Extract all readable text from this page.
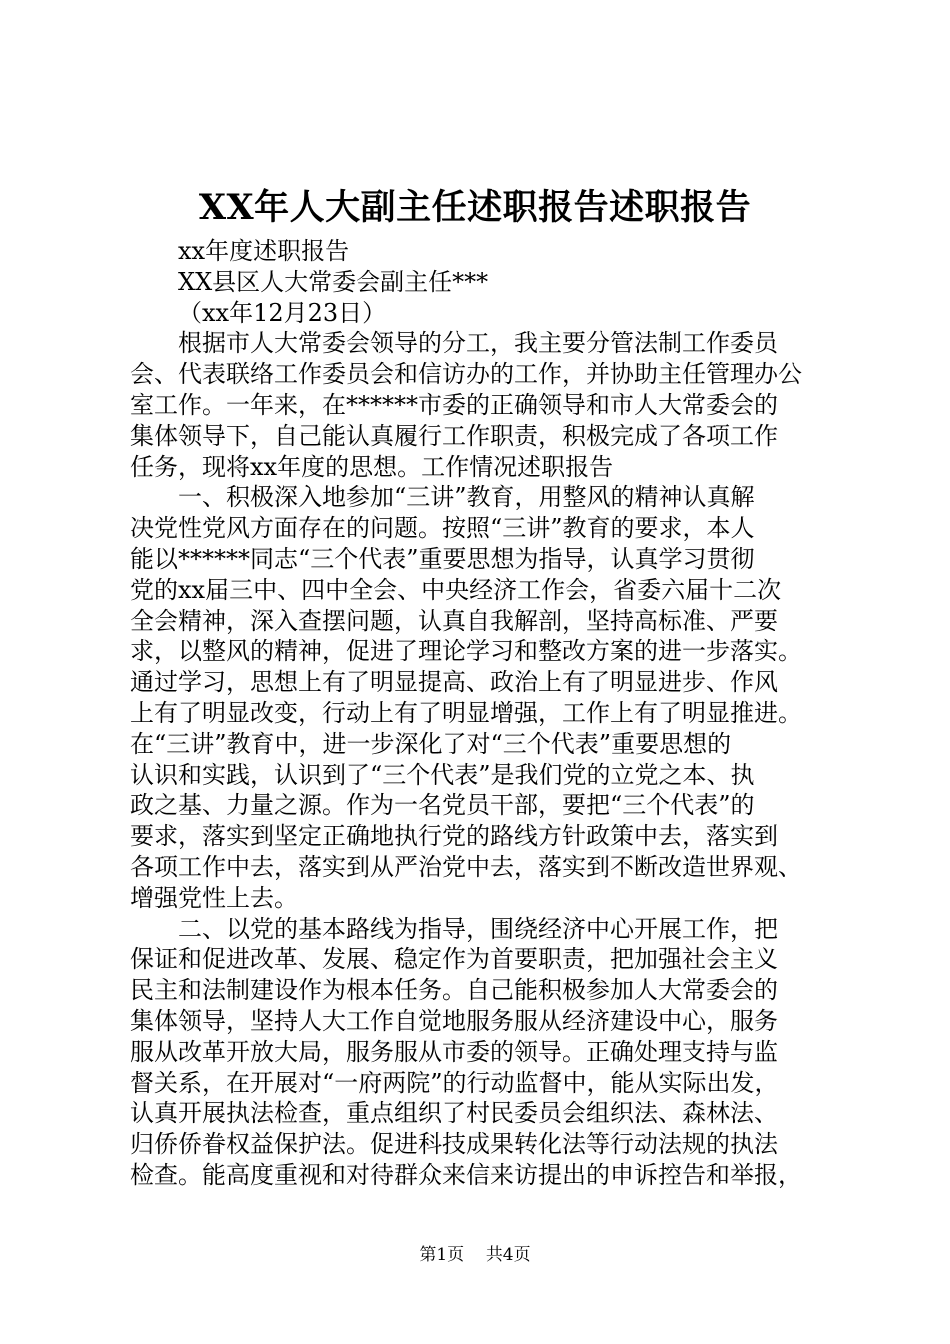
XX年人大副主任述职报告述职报告
xx年度述职报告
XX县区人大常委会副主任***
（xx年12月23日）
　　根据市人大常委会领导的分工，我主要分管法制工作委员
会、代表联络工作委员会和信访办的工作，并协助主任管理办公
室工作。一年来，在******市委的正确领导和市人大常委会的
集体领导下，自己能认真履行工作职责，积极完成了各项工作
任务，现将xx年度的思想。工作情况述职报告
　　一、积极深入地参加“三讲”教育，用整风的精神认真解
决党性党风方面存在的问题。按照“三讲”教育的要求，本人
能以******同志“三个代表”重要思想为指导，认真学习贯彻
党的xx届三中、四中全会、中央经济工作会，省委六届十二次
全会精神，深入查摆问题，认真自我解剖，坚持高标准、严要
求，以整风的精神，促进了理论学习和整改方案的进一步落实。
通过学习，思想上有了明显提高、政治上有了明显进步、作风
上有了明显改变，行动上有了明显增强，工作上有了明显推进。
在“三讲”教育中，进一步深化了对“三个代表”重要思想的
认识和实践，认识到了“三个代表”是我们党的立党之本、执
政之基、力量之源。作为一名党员干部，要把“三个代表”的
要求，落实到坚定正确地执行党的路线方针政策中去，落实到
各项工作中去，落实到从严治党中去，落实到不断改造世界观、
增强党性上去。
　　二、以党的基本路线为指导，围绕经济中心开展工作，把
保证和促进改革、发展、稳定作为首要职责，把加强社会主义
民主和法制建设作为根本任务。自己能积极参加人大常委会的
集体领导，坚持人大工作自觉地服务服从经济建设中心，服务
服从改革开放大局，服务服从市委的领导。正确处理支持与监
督关系，在开展对“一府两院”的行动监督中，能从实际出发，
认真开展执法检查，重点组织了村民委员会组织法、森林法、
归侨侨眷权益保护法。促进科技成果转化法等行动法规的执法
检查。能高度重视和对待群众来信来访提出的申诉控告和举报，
第1页 共4页
